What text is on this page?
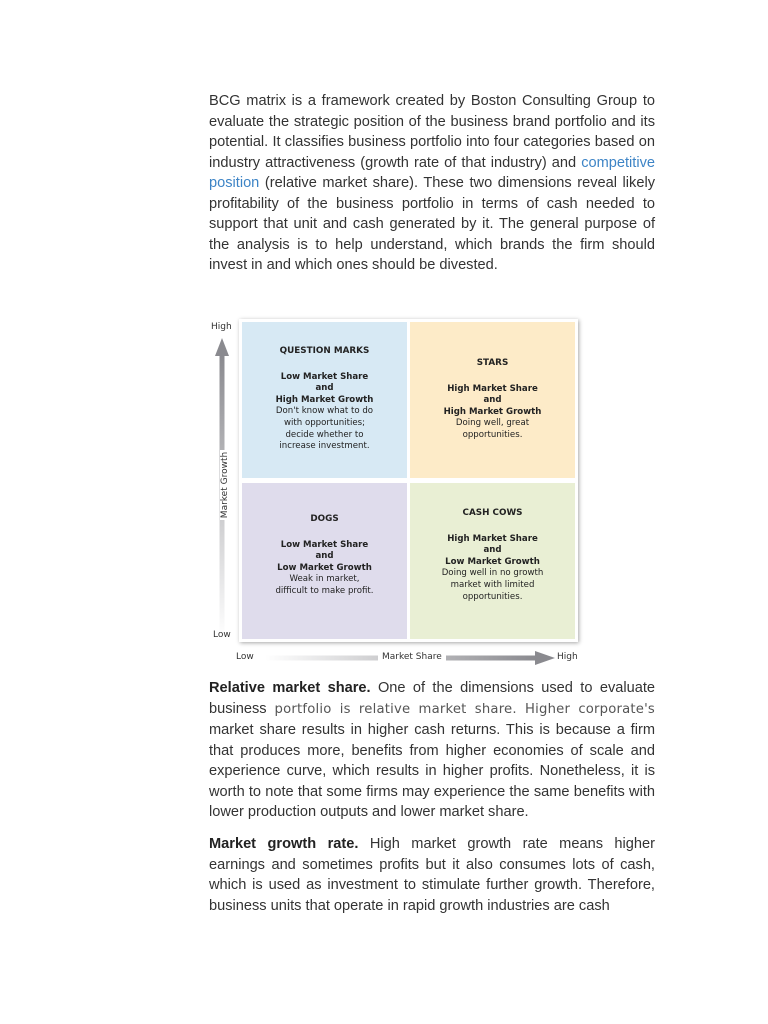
BCG matrix is a framework created by Boston Consulting Group to evaluate the strategic position of the business brand portfolio and its potential. It classifies business portfolio into four categories based on industry attractiveness (growth rate of that industry) and competitive position (relative market share). These two dimensions reveal likely profitability of the business portfolio in terms of cash needed to support that unit and cash generated by it. The general purpose of the analysis is to help understand, which brands the firm should invest in and which ones should be divested.

High
Market Growth
Low
QUESTION MARKS
Low Market Share
and
High Market Growth
Don't know what to do
with opportunities;
decide whether to
increase investment.
STARS
High Market Share
and
High Market Growth
Doing well, great
opportunities.
DOGS
Low Market Share
and
Low Market Growth
Weak in market,
difficult to make profit.
CASH COWS
High Market Share
and
Low Market Growth
Doing well in no growth
market with limited
opportunities.
Low	Market Share	High

Relative market share. One of the dimensions used to evaluate business portfolio is relative market share. Higher corporate's market share results in higher cash returns. This is because a firm that produces more, benefits from higher economies of scale and experience curve, which results in higher profits. Nonetheless, it is worth to note that some firms may experience the same benefits with lower production outputs and lower market share.

Market growth rate. High market growth rate means higher earnings and sometimes profits but it also consumes lots of cash, which is used as investment to stimulate further growth. Therefore, business units that operate in rapid growth industries are cash
